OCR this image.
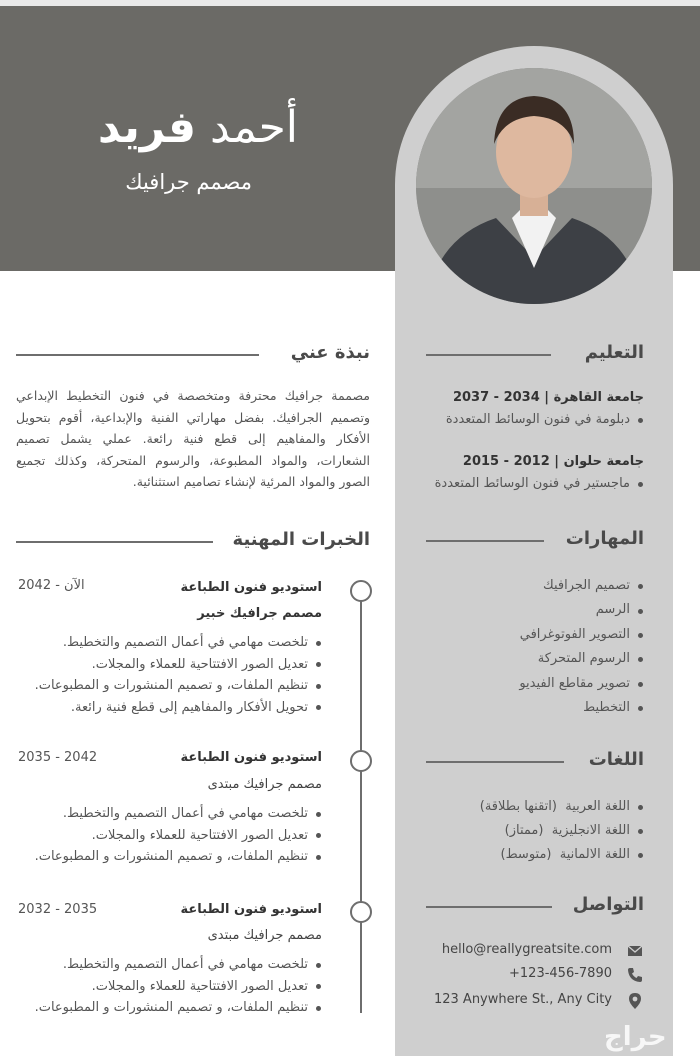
أحمد فريد
مصمم جرافيك
التعليم
جامعة القاهرة | 2034 - 2037
دبلومة في فنون الوسائط المتعددة
جامعة حلوان | 2012 - 2015
ماجستير في فنون الوسائط المتعددة
المهارات
تصميم الجرافيك
الرسم
التصوير الفوتوغرافي
الرسوم المتحركة
تصوير مقاطع الفيديو
التخطيط
اللغات
اللغة العربية  (اتقنها بطلاقة)
اللغة الانجليزية  (ممتاز)
اللغة الالمانية  (متوسط)
التواصل
hello@reallygreatsite.com
+123-456-7890
123 Anywhere St., Any City
نبذة عني
مصممة جرافيك محترفة ومتخصصة في فنون التخطيط الإبداعي وتصميم الجرافيك. بفضل مهاراتي الفنية والإبداعية، أقوم بتحويل الأفكار والمفاهيم إلى قطع فنية رائعة. عملي يشمل تصميم الشعارات، والمواد المطبوعة، والرسوم المتحركة، وكذلك تجميع الصور والمواد المرئية لإنشاء تصاميم استثنائية.
الخبرات المهنية
استوديو فنون الطباعة
2042 - الآن
مصمم جرافيك خبير
تلخصت مهامي في أعمال التصميم والتخطيط.
تعديل الصور الافتتاحية للعملاء والمجلات.
تنظيم الملفات، و تصميم المنشورات و المطبوعات.
تحويل الأفكار والمفاهيم إلى قطع فنية رائعة.
استوديو فنون الطباعة
2035 - 2042
مصمم جرافيك مبتدى
تلخصت مهامي في أعمال التصميم والتخطيط.
تعديل الصور الافتتاحية للعملاء والمجلات.
تنظيم الملفات، و تصميم المنشورات و المطبوعات.
استوديو فنون الطباعة
2032 - 2035
مصمم جرافيك مبتدى
تلخصت مهامي في أعمال التصميم والتخطيط.
تعديل الصور الافتتاحية للعملاء والمجلات.
تنظيم الملفات، و تصميم المنشورات و المطبوعات.
حراج
